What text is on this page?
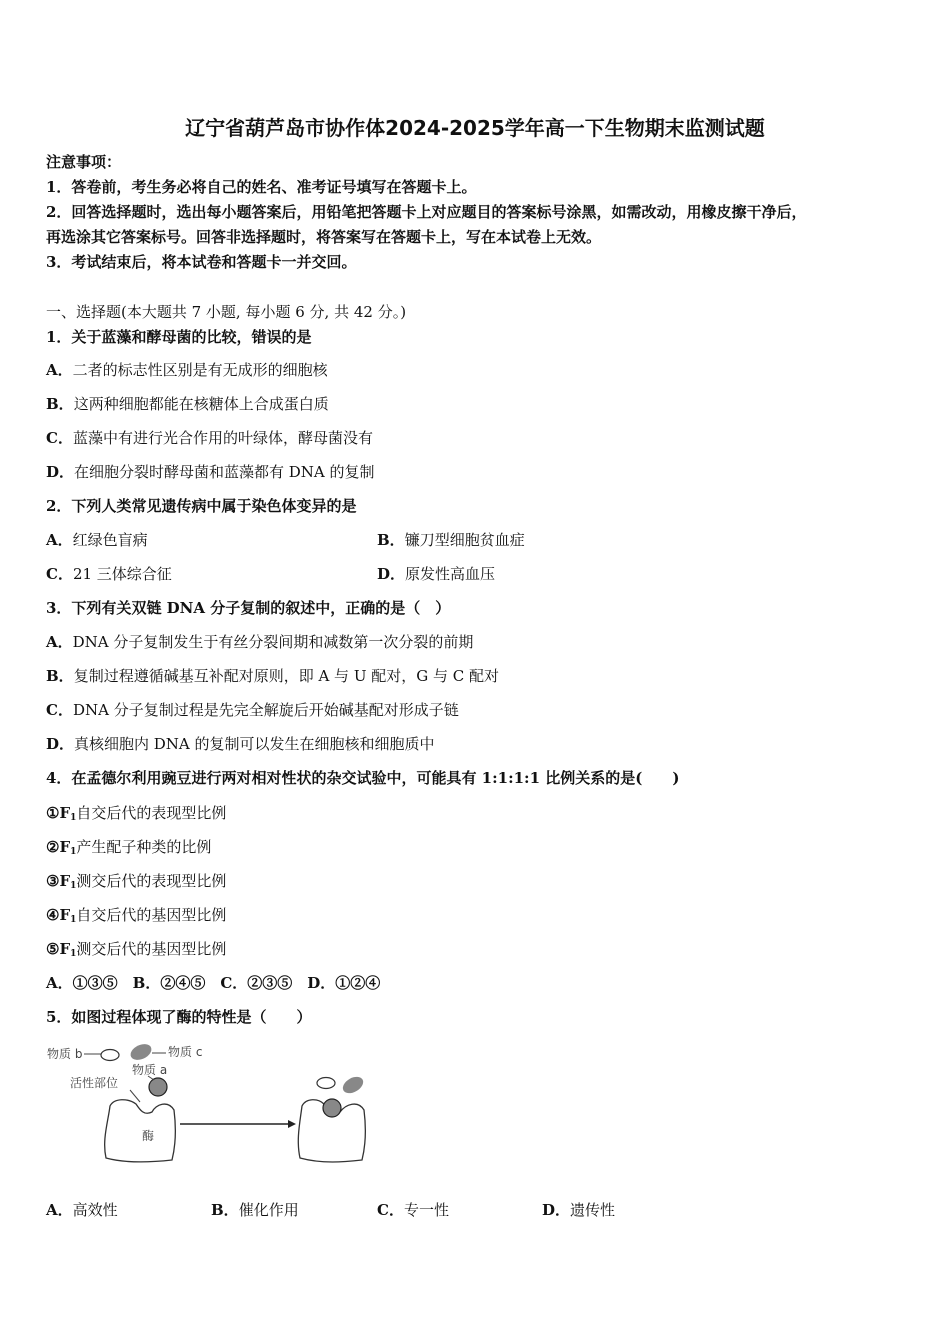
辽宁省葫芦岛市协作体2024-2025学年高一下生物期末监测试题
注意事项：
1．答卷前，考生务必将自己的姓名、准考证号填写在答题卡上。
2．回答选择题时，选出每小题答案后，用铅笔把答题卡上对应题目的答案标号涂黑，如需改动，用橡皮擦干净后，
再选涂其它答案标号。回答非选择题时，将答案写在答题卡上，写在本试卷上无效。
3．考试结束后，将本试卷和答题卡一并交回。
一、选择题(本大题共 7 小题, 每小题 6 分, 共 42 分。)
1．关于蓝藻和酵母菌的比较，错误的是
A．二者的标志性区别是有无成形的细胞核
B．这两种细胞都能在核糖体上合成蛋白质
C．蓝藻中有进行光合作用的叶绿体，酵母菌没有
D．在细胞分裂时酵母菌和蓝藻都有 DNA 的复制
2．下列人类常见遗传病中属于染色体变异的是
A．红绿色盲病	B．镰刀型细胞贫血症
C．21 三体综合征	D．原发性高血压
3．下列有关双链 DNA 分子复制的叙述中，正确的是（　）
A．DNA 分子复制发生于有丝分裂间期和减数第一次分裂的前期
B．复制过程遵循碱基互补配对原则，即 A 与 U 配对，G 与 C 配对
C．DNA 分子复制过程是先完全解旋后开始碱基配对形成子链
D．真核细胞内 DNA 的复制可以发生在细胞核和细胞质中
4．在孟德尔利用豌豆进行两对相对性状的杂交试验中，可能具有 1:1:1:1 比例关系的是(　　)
$①F_1$自交后代的表现型比例
$②F_1$产生配子种类的比例
$③F_1$测交后代的表现型比例
$④F_1$自交后代的基因型比例
$⑤F_1$测交后代的基因型比例
A．①③⑤　B．②④⑤　C．②③⑤　D．①②④
5．如图过程体现了酶的特性是（　　）
物质 b	物质 c
物质 a
活性部位
酶
A．高效性	B．催化作用	C．专一性	D．遗传性
